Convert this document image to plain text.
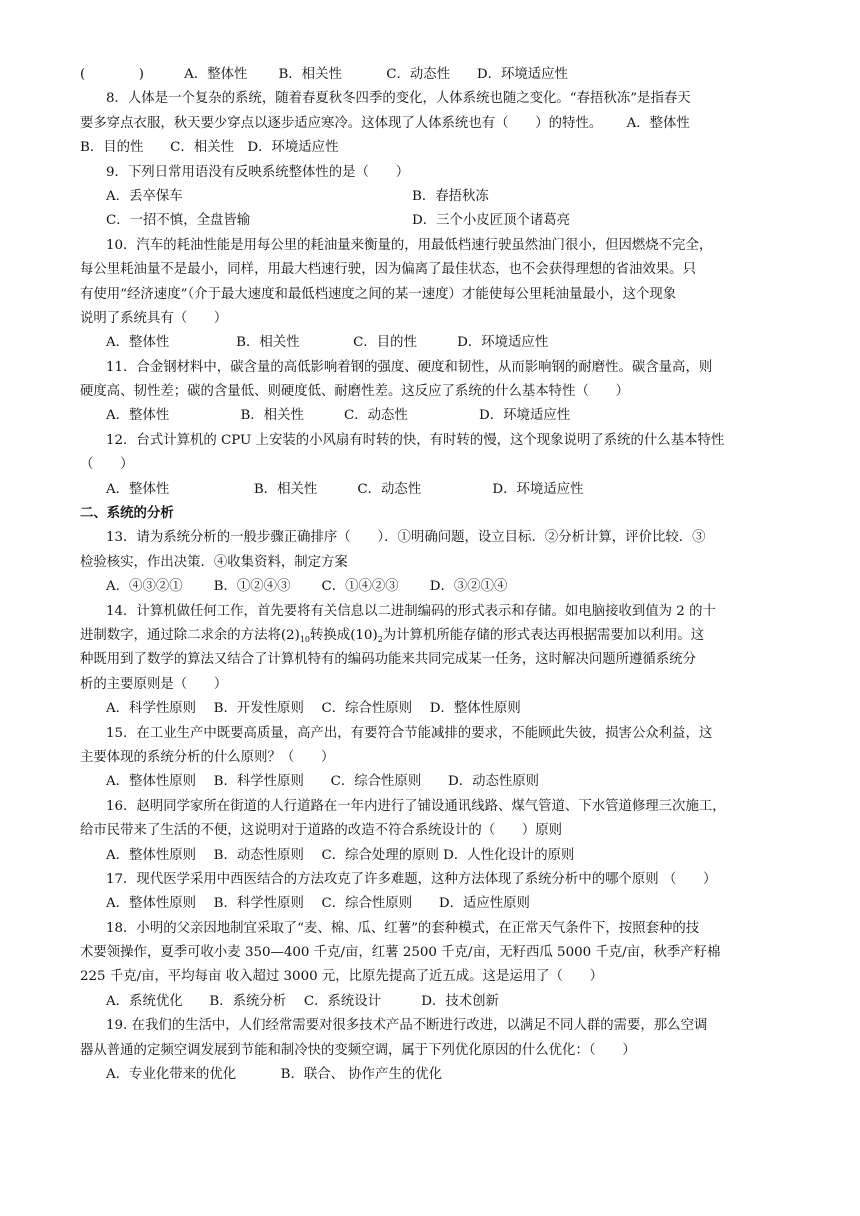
(　　　　)　　　A．整体性　　 B．相关性　　　 C．动态性　　D．环境适应性
8．人体是一个复杂的系统，随着春夏秋冬四季的变化，人体系统也随之变化。“春捂秋冻”是指春天
要多穿点衣服，秋天要少穿点以逐步适应寒冷。这体现了人体系统也有（　　）的特性。　　 A．整体性
B．目的性　　C．相关性　D．环境适应性
9．下列日常用语没有反映系统整体性的是（　　）
A．丢卒保车	B．春捂秋冻
C．一招不慎，全盘皆输	D．三个小皮匠顶个诸葛亮
10．汽车的耗油性能是用每公里的耗油量来衡量的，用最低档速行驶虽然油门很小，但因燃烧不完全，
每公里耗油量不是最小，同样，用最大档速行驶，因为偏离了最佳状态，也不会获得理想的省油效果。只
有使用“经济速度”（介于最大速度和最低档速度之间的某一速度）才能使每公里耗油量最小，这个现象
说明了系统具有（　　）
A．整体性　　　　　B．相关性　　　　C．目的性　　　D．环境适应性
11．合金钢材料中，碳含量的高低影响着钢的强度、硬度和韧性，从而影响钢的耐磨性。碳含量高，则
硬度高、韧性差；碳的含量低、则硬度低、耐磨性差。这反应了系统的什么基本特性（　　）
A．整体性　　　　　 B．相关性　　　C．动态性　　　　　 D．环境适应性
12．台式计算机的 CPU 上安装的小风扇有时转的快，有时转的慢，这个现象说明了系统的什么基本特性
（　　）
A．整体性　　　　　　 B．相关性　　　C．动态性　　　　　 D．环境适应性
二、系统的分析
13．请为系统分析的一般步骤正确排序（　　）．①明确问题，设立目标．②分析计算，评价比较．③
检验核实，作出决策．④收集资料，制定方案
A．④③②①　　 B．①②④③　　 C．①④②③　　 D．③②①④
14．计算机做任何工作，首先要将有关信息以二进制编码的形式表示和存储。如电脑接收到值为 2 的十
进制数字，通过除二求余的方法将$(2)_{10}$转换成$(10)_2$为计算机所能存储的形式表达再根据需要加以利用。这
种既用到了数学的算法又结合了计算机特有的编码功能来共同完成某一任务，这时解决问题所遵循系统分
析的主要原则是（　　）
A．科学性原则　 B．开发性原则　 C．综合性原则　 D．整体性原则
15．在工业生产中既要高质量，高产出，有要符合节能减排的要求，不能顾此失彼，损害公众利益，这
主要体现的系统分析的什么原则？（　　）
A．整体性原则　 B．科学性原则　　C．综合性原则　　D．动态性原则
16．赵明同学家所在街道的人行道路在一年内进行了铺设通讯线路、煤气管道、下水管道修理三次施工，
给市民带来了生活的不便，这说明对于道路的改造不符合系统设计的（　　）原则
A．整体性原则　 B．动态性原则　 C．综合处理的原则 D．人性化设计的原则
17．现代医学采用中西医结合的方法攻克了许多难题，这种方法体现了系统分析中的哪个原则 （　　）
A．整体性原则　 B．科学性原则　 C．综合性原则　　D．适应性原则
18．小明的父亲因地制宜采取了“麦、棉、瓜、红薯”的套种模式，在正常天气条件下，按照套种的技
术要领操作，夏季可收小麦 350—400 千克/亩，红薯 2500 千克/亩，无籽西瓜 5000 千克/亩，秋季产籽棉
225 千克/亩，平均每亩 收入超过 3000 元，比原先提高了近五成。这是运用了（　　）
A．系统优化　　B．系统分析　 C．系统设计　　　D．技术创新
19. 在我们的生活中，人们经常需要对很多技术产品不断进行改进，以满足不同人群的需要，那么空调
器从普通的定频空调发展到节能和制冷快的变频空调，属于下列优化原因的什么优化：（　　）
A．专业化带来的优化　　　 B．联合、 协作产生的优化
